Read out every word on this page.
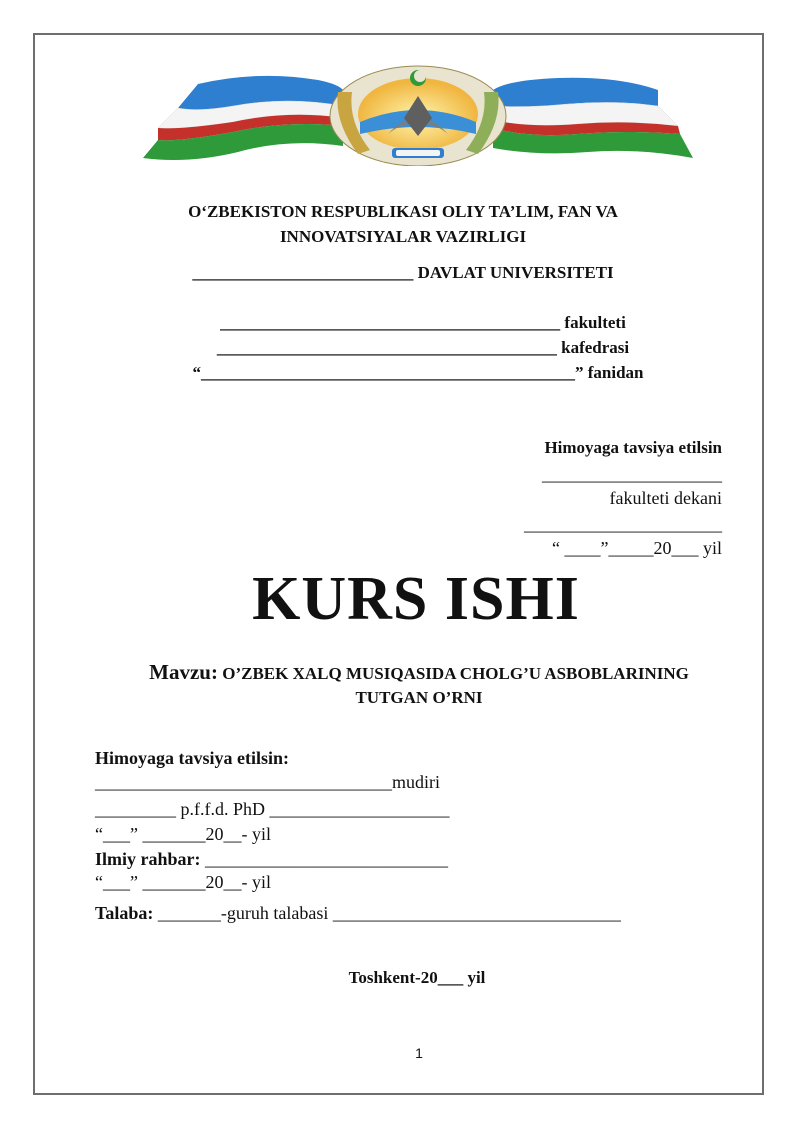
O‘ZBEKISTON RESPUBLIKASI OLIY TA’LIM, FAN VA
INNOVATSIYALAR VAZIRLIGI
__________________________ DAVLAT UNIVERSITETI
________________________________________ fakulteti
________________________________________ kafedrasi
“____________________________________________” fanidan
Himoyaga tavsiya etilsin
____________________
fakulteti dekani
______________________
“ ____”_____20___ yil
KURS ISHI
Mavzu: O’ZBEK XALQ MUSIQASIDA CHOLG’U ASBOBLARINING
TUTGAN O’RNI
Himoyaga tavsiya etilsin:
_________________________________mudiri
_________ p.f.f.d. PhD ____________________
“___” _______20__- yil
Ilmiy rahbar: ___________________________
“___” _______20__- yil
Talaba: _______-guruh talabasi ________________________________
Toshkent-20___ yil
1
